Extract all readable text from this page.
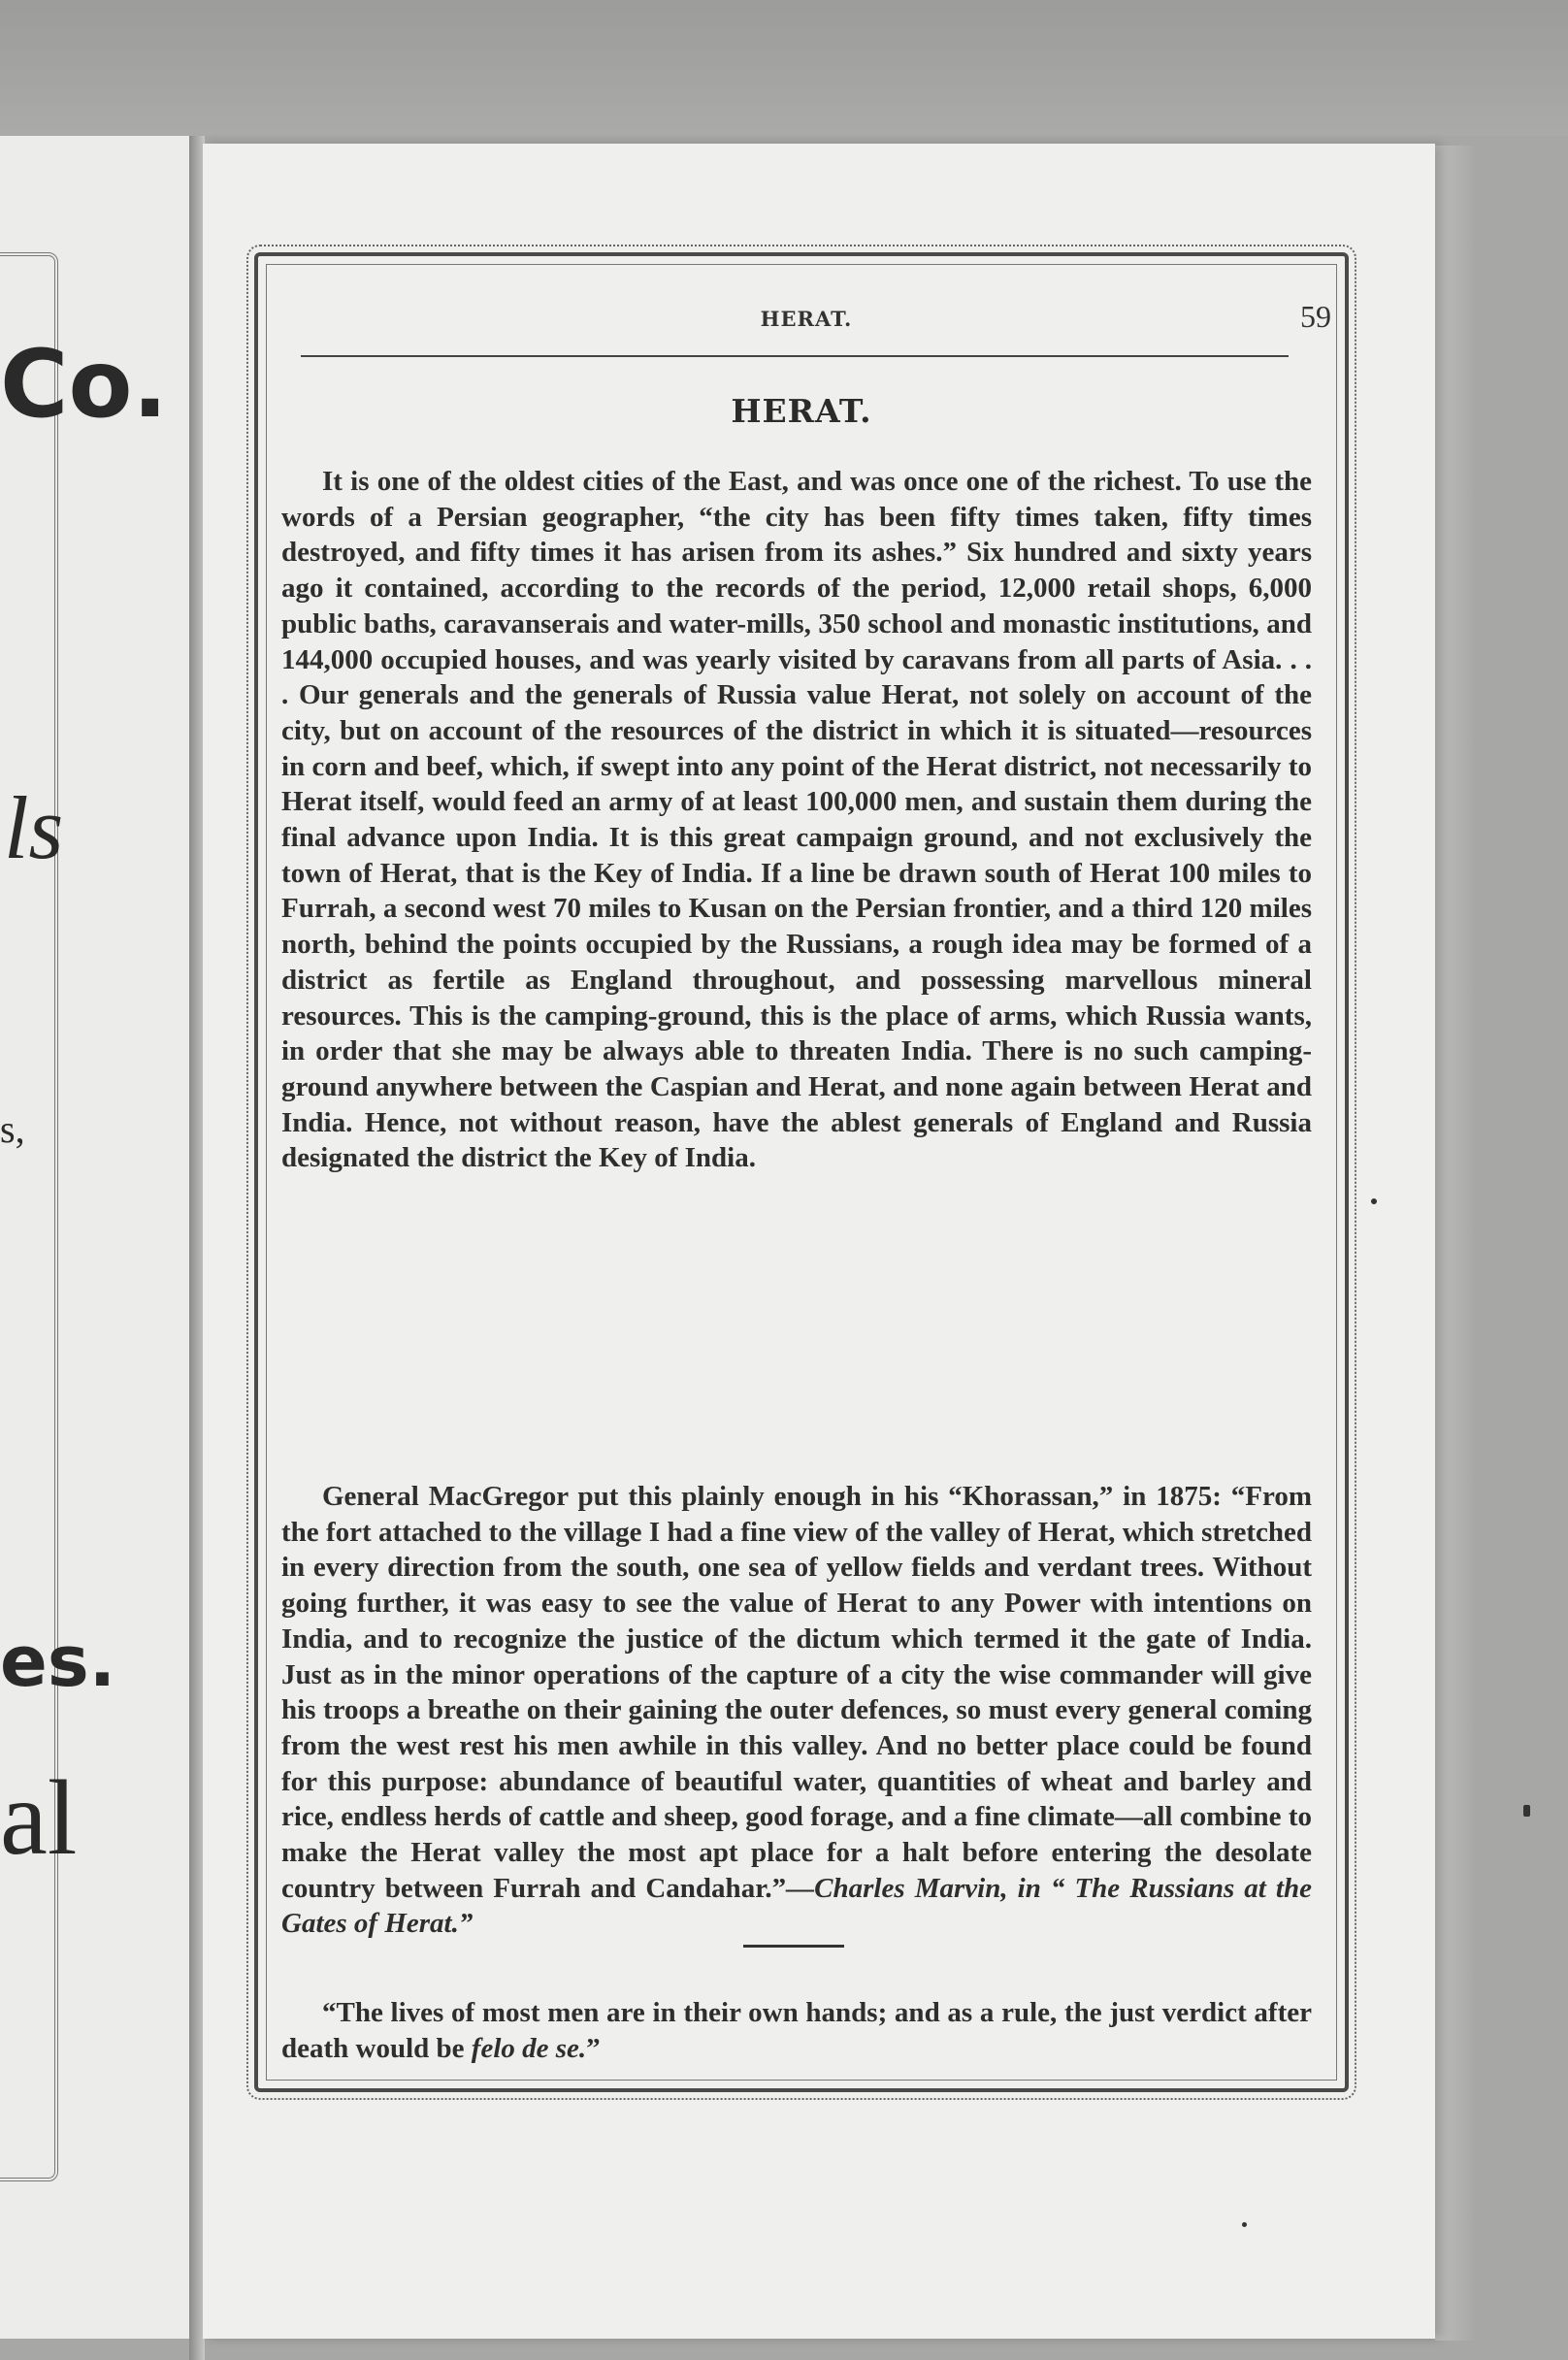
Co.
ls
s,
es.
al
HERAT.	59
HERAT.

It is one of the oldest cities of the East, and was once one of the richest. To use the words of a Persian geographer, “the city has been fifty times taken, fifty times destroyed, and fifty times it has arisen from its ashes.” Six hundred and sixty years ago it contained, according to the records of the period, 12,000 retail shops, 6,000 public baths, caravanserais and water-mills, 350 school and monastic institutions, and 144,000 occupied houses, and was yearly visited by caravans from all parts of Asia. . . . Our generals and the generals of Russia value Herat, not solely on account of the city, but on account of the resources of the district in which it is situated—resources in corn and beef, which, if swept into any point of the Herat district, not necessarily to Herat itself, would feed an army of at least 100,000 men, and sustain them during the final advance upon India. It is this great campaign ground, and not exclusively the town of Herat, that is the Key of India. If a line be drawn south of Herat 100 miles to Furrah, a second west 70 miles to Kusan on the Persian frontier, and a third 120 miles north, behind the points occupied by the Russians, a rough idea may be formed of a district as fertile as England throughout, and possessing marvellous mineral resources. This is the camping-ground, this is the place of arms, which Russia wants, in order that she may be always able to threaten India. There is no such camping-ground anywhere between the Caspian and Herat, and none again between Herat and India. Hence, not without reason, have the ablest generals of England and Russia designated the district the Key of India.

General MacGregor put this plainly enough in his “Khorassan,” in 1875: “From the fort attached to the village I had a fine view of the valley of Herat, which stretched in every direction from the south, one sea of yellow fields and verdant trees. Without going further, it was easy to see the value of Herat to any Power with intentions on India, and to recognize the justice of the dictum which termed it the gate of India. Just as in the minor operations of the capture of a city the wise commander will give his troops a breathe on their gaining the outer defences, so must every general coming from the west rest his men awhile in this valley. And no better place could be found for this purpose: abundance of beautiful water, quantities of wheat and barley and rice, endless herds of cattle and sheep, good forage, and a fine climate—all combine to make the Herat valley the most apt place for a halt before entering the desolate country between Furrah and Candahar.”—Charles Marvin, in “ The Russians at the Gates of Herat.”

“The lives of most men are in their own hands; and as a rule, the just verdict after death would be felo de se.”
